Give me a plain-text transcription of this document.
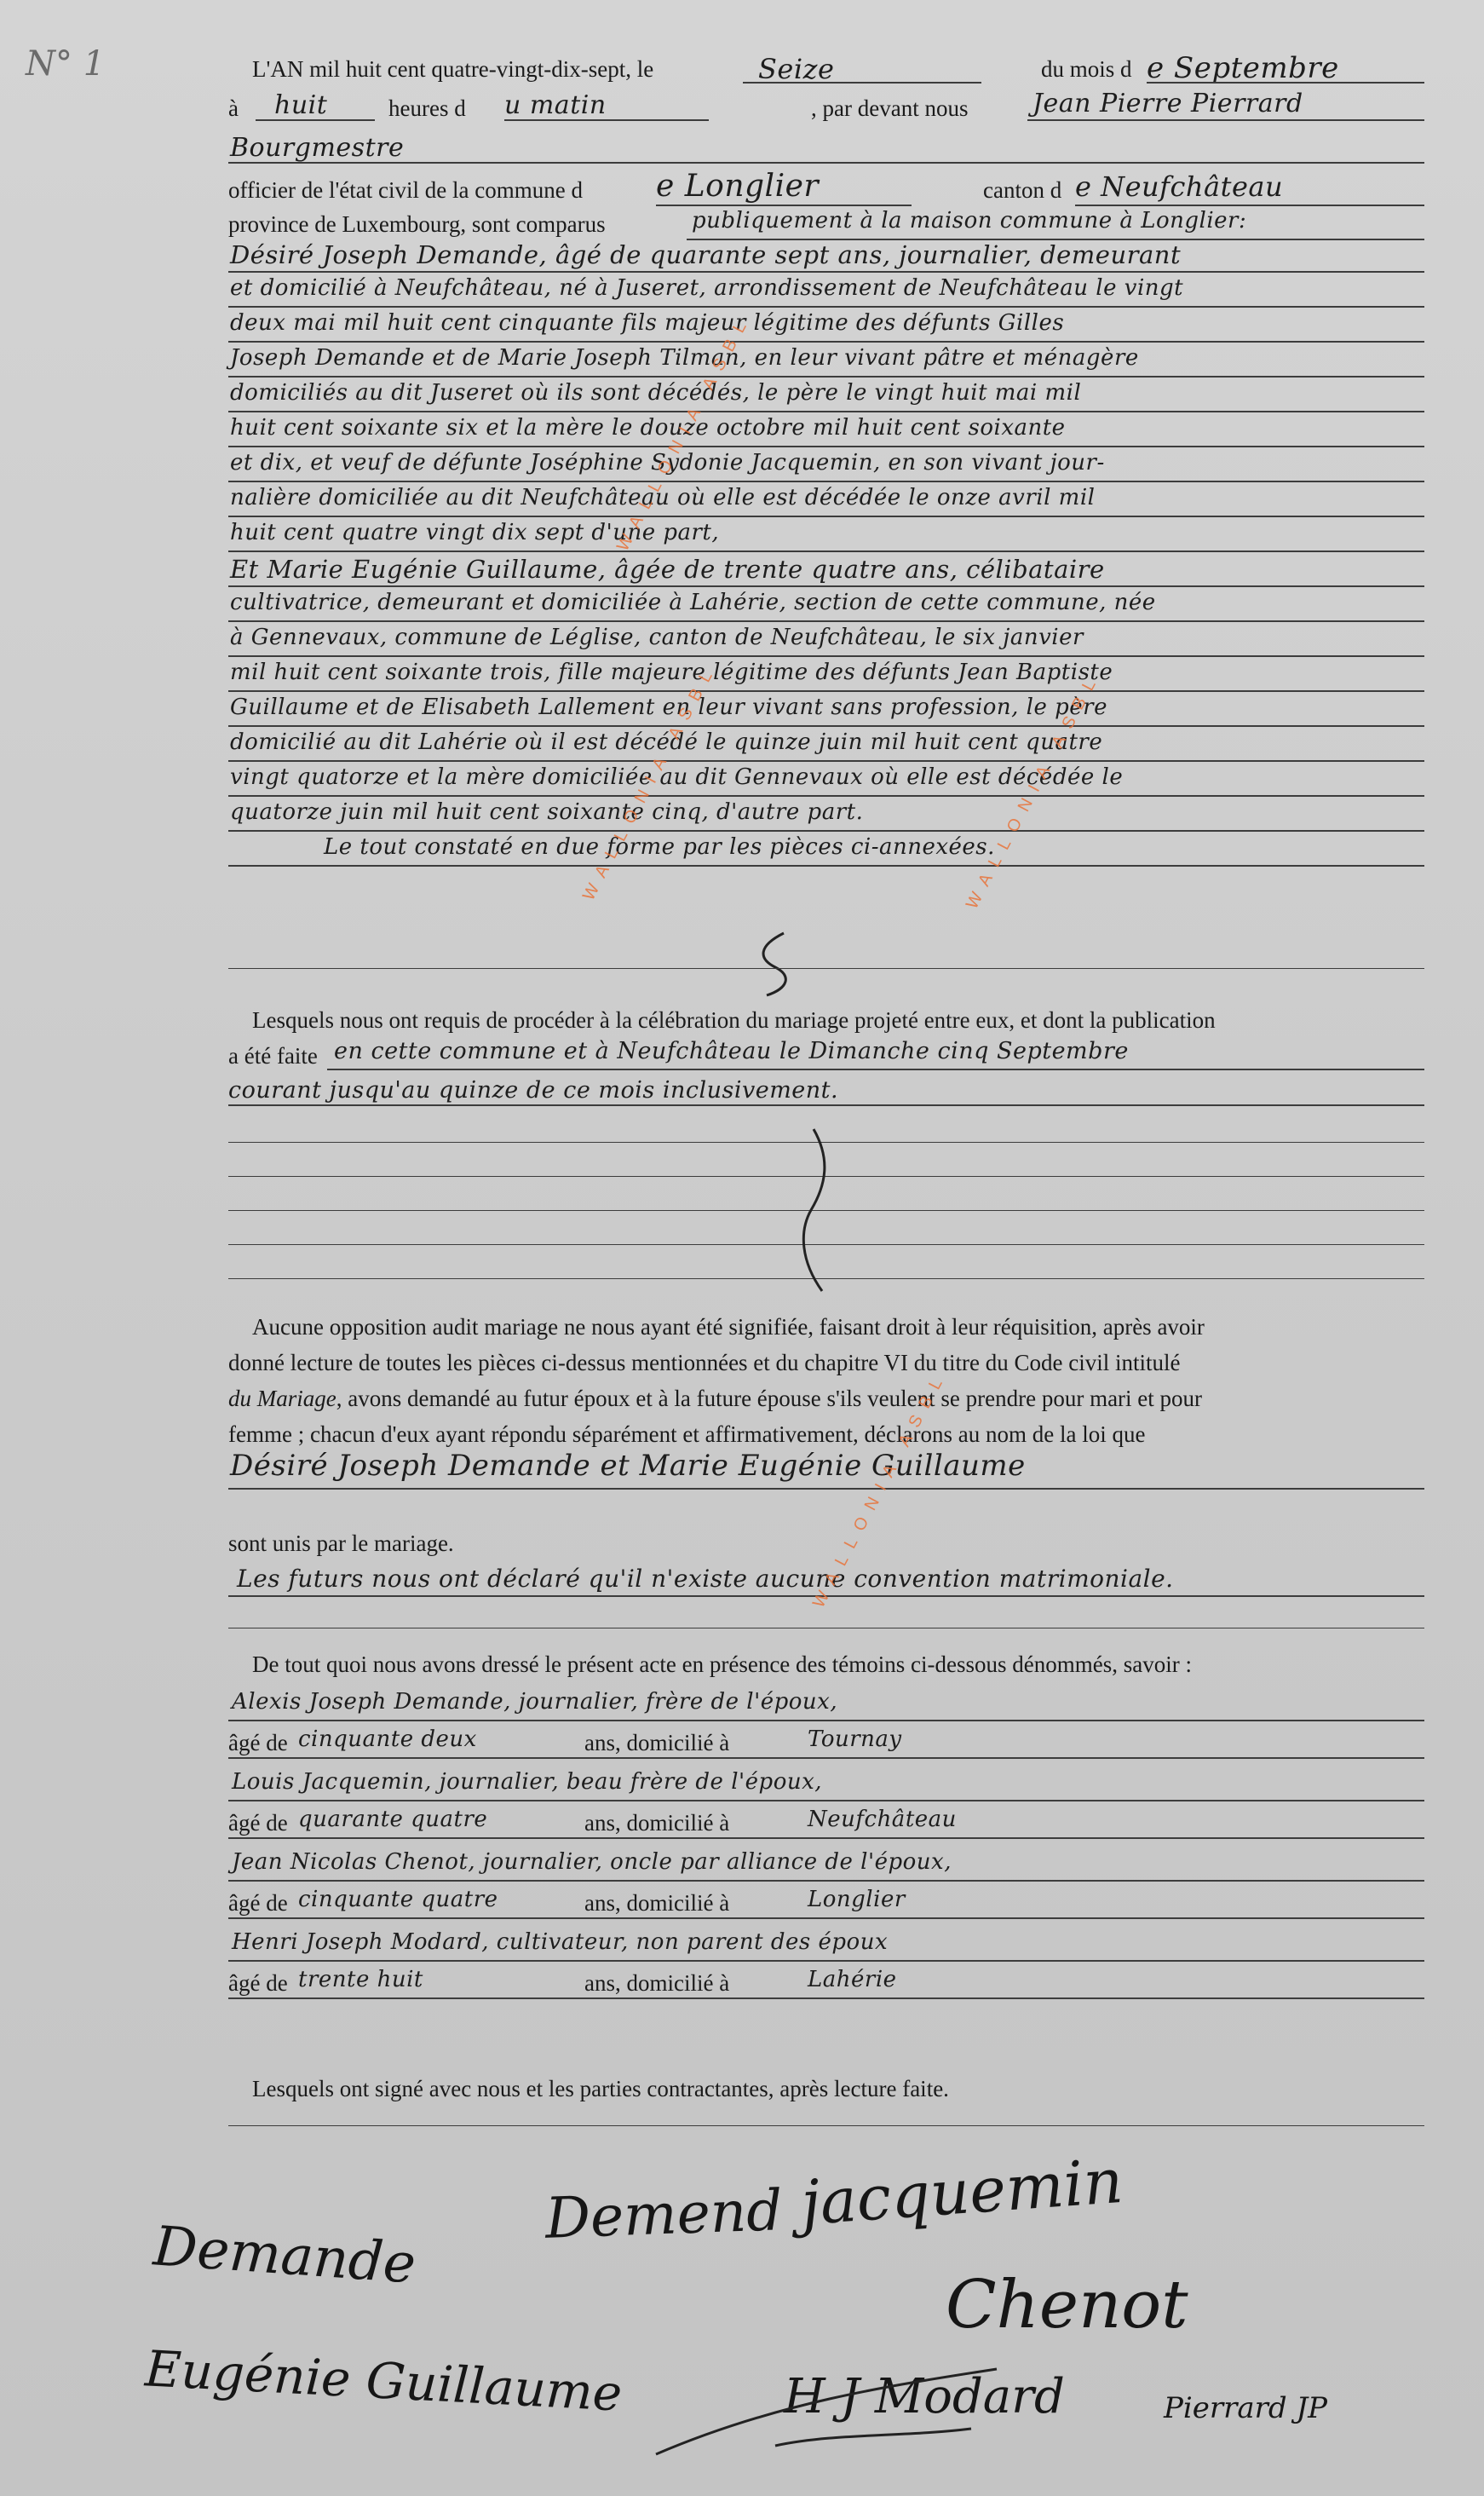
N° 1	L'AN mil huit cent quatre-vingt-dix-sept, le	Seize	du mois d e Septembre
à huit	heures d u matin	, par devant nous	Jean Pierre Pierrard
Bourgmestre
officier de l'état civil de la commune d e Longlier	canton d e Neufchâteau
province de Luxembourg, sont comparus	publiquement à la maison commune à Longlier:
Désiré Joseph Demande, âgé de quarante sept ans, journalier, demeurant
et domicilié à Neufchâteau, né à Juseret, arrondissement de Neufchâteau le vingt
deux mai mil huit cent cinquante fils majeur légitime des défunts Gilles
Joseph Demande et de Marie Joseph Tilman, en leur vivant pâtre et ménagère
domiciliés au dit Juseret où ils sont décédés, le père le vingt huit mai mil
huit cent soixante six et la mère le douze octobre mil huit cent soixante
et dix, et veuf de défunte Joséphine Sydonie Jacquemin, en son vivant jour-
nalière domiciliée au dit Neufchâteau où elle est décédée le onze avril mil
huit cent quatre vingt dix sept d'une part,
Et Marie Eugénie Guillaume, âgée de trente quatre ans, célibataire
cultivatrice, demeurant et domiciliée à Lahérie, section de cette commune, née
à Gennevaux, commune de Léglise, canton de Neufchâteau, le six janvier
mil huit cent soixante trois, fille majeure légitime des défunts Jean Baptiste
Guillaume et de Elisabeth Lallement en leur vivant sans profession, le père
domicilié au dit Lahérie où il est décédé le quinze juin mil huit cent quatre
vingt quatorze et la mère domiciliée au dit Gennevaux où elle est décédée le
quatorze juin mil huit cent soixante cinq, d'autre part.
Le tout constaté en due forme par les pièces ci-annexées.
Lesquels nous ont requis de procéder à la célébration du mariage projeté entre eux, et dont la publication
a été faite en cette commune et à Neufchâteau le Dimanche cinq Septembre
courant jusqu'au quinze de ce mois inclusivement.
Aucune opposition audit mariage ne nous ayant été signifiée, faisant droit à leur réquisition, après avoir
donné lecture de toutes les pièces ci-dessus mentionnées et du chapitre VI du titre du Code civil intitulé
du Mariage, avons demandé au futur époux et à la future épouse s'ils veulent se prendre pour mari et pour
femme ; chacun d'eux ayant répondu séparément et affirmativement, déclarons au nom de la loi que
Désiré Joseph Demande et Marie Eugénie Guillaume
sont unis par le mariage.
Les futurs nous ont déclaré qu'il n'existe aucune convention matrimoniale.
De tout quoi nous avons dressé le présent acte en présence des témoins ci-dessous dénommés, savoir :
Alexis Joseph Demande, journalier, frère de l'époux,
âgé de cinquante deux	ans, domicilié à	Tournay
Louis Jacquemin, journalier, beau frère de l'époux,
âgé de quarante quatre	ans, domicilié à	Neufchâteau
Jean Nicolas Chenot, journalier, oncle par alliance de l'époux,
âgé de cinquante quatre	ans, domicilié à	Longlier
Henri Joseph Modard, cultivateur, non parent des époux
âgé de trente huit	ans, domicilié à	Lahérie
Lesquels ont signé avec nous et les parties contractantes, après lecture faite.
Demande
Demend jacquemin
Chenot
Eugénie Guillaume	H J Modard	Pierrard JP
WALLONIA ASBL
WALLONIA ASBL	WALLONIA ASBL
WALLONIA ASBL
